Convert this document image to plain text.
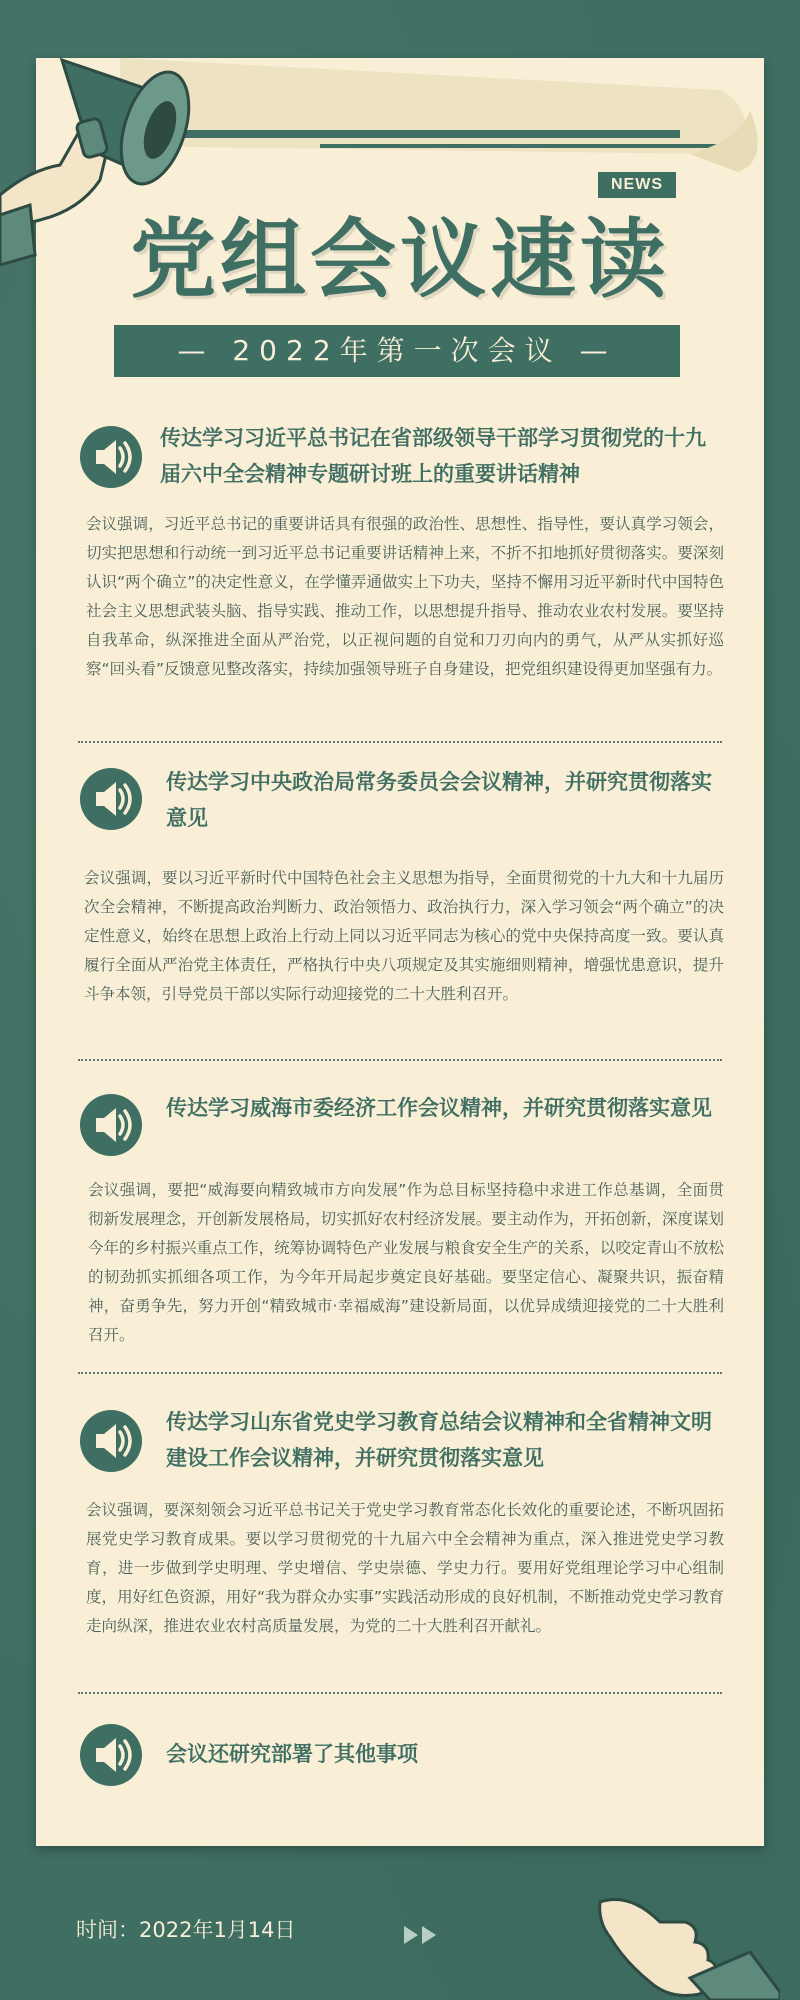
NEWS
党组会议速读
— 2022年第一次会议 —
传达学习习近平总书记在省部级领导干部学习贯彻党的十九届六中全会精神专题研讨班上的重要讲话精神
会议强调，习近平总书记的重要讲话具有很强的政治性、思想性、指导性，要认真学习领会，切实把思想和行动统一到习近平总书记重要讲话精神上来，不折不扣地抓好贯彻落实。要深刻认识“两个确立”的决定性意义，在学懂弄通做实上下功夫，坚持不懈用习近平新时代中国特色社会主义思想武装头脑、指导实践、推动工作，以思想提升指导、推动农业农村发展。要坚持自我革命，纵深推进全面从严治党，以正视问题的自觉和刀刃向内的勇气，从严从实抓好巡察“回头看”反馈意见整改落实，持续加强领导班子自身建设，把党组织建设得更加坚强有力。
传达学习中央政治局常务委员会会议精神，并研究贯彻落实意见
会议强调，要以习近平新时代中国特色社会主义思想为指导，全面贯彻党的十九大和十九届历次全会精神，不断提高政治判断力、政治领悟力、政治执行力，深入学习领会“两个确立”的决定性意义，始终在思想上政治上行动上同以习近平同志为核心的党中央保持高度一致。要认真履行全面从严治党主体责任，严格执行中央八项规定及其实施细则精神，增强忧患意识，提升斗争本领，引导党员干部以实际行动迎接党的二十大胜利召开。
传达学习威海市委经济工作会议精神，并研究贯彻落实意见
会议强调，要把“威海要向精致城市方向发展”作为总目标坚持稳中求进工作总基调，全面贯彻新发展理念，开创新发展格局，切实抓好农村经济发展。要主动作为，开拓创新，深度谋划今年的乡村振兴重点工作，统筹协调特色产业发展与粮食安全生产的关系，以咬定青山不放松的韧劲抓实抓细各项工作，为今年开局起步奠定良好基础。要坚定信心、凝聚共识，振奋精神，奋勇争先，努力开创“精致城市·幸福威海”建设新局面，以优异成绩迎接党的二十大胜利召开。
传达学习山东省党史学习教育总结会议精神和全省精神文明建设工作会议精神，并研究贯彻落实意见
会议强调，要深刻领会习近平总书记关于党史学习教育常态化长效化的重要论述，不断巩固拓展党史学习教育成果。要以学习贯彻党的十九届六中全会精神为重点，深入推进党史学习教育，进一步做到学史明理、学史增信、学史崇德、学史力行。要用好党组理论学习中心组制度，用好红色资源，用好“我为群众办实事”实践活动形成的良好机制，不断推动党史学习教育走向纵深，推进农业农村高质量发展，为党的二十大胜利召开献礼。
会议还研究部署了其他事项
时间：2022年1月14日
